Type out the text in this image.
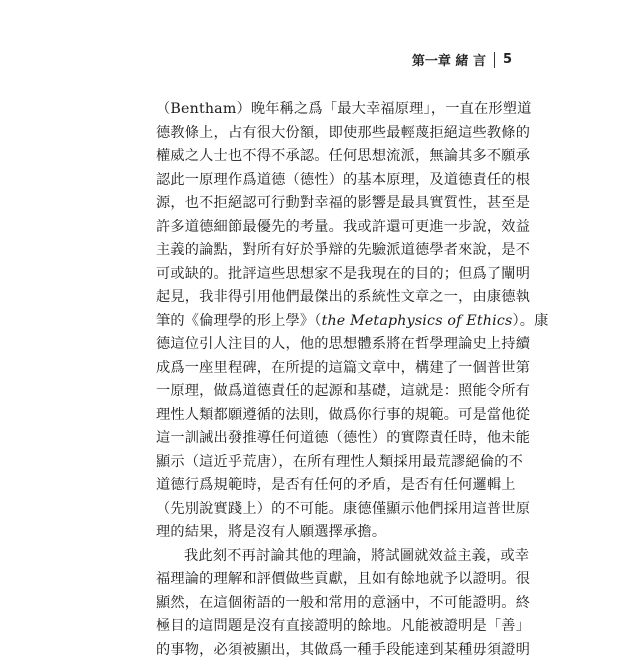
第一章 緒 言 5
（Bentham）晚年稱之爲「最大幸福原理」，一直在形塑道
德教條上，占有很大份額，即使那些最輕蔑拒絕這些教條的
權威之人士也不得不承認。任何思想流派，無論其多不願承
認此一原理作爲道德（德性）的基本原理，及道德責任的根
源，也不拒絕認可行動對幸福的影響是最具實質性，甚至是
許多道德細節最優先的考量。我或許還可更進一步說，效益
主義的論點，對所有好於爭辯的先驗派道德學者來說，是不
可或缺的。批評這些思想家不是我現在的目的；但爲了闡明
起見，我非得引用他們最傑出的系統性文章之一，由康德執
筆的《倫理學的形上學》（the Metaphysics of Ethics）。康
德這位引人注目的人，他的思想體系將在哲學理論史上持續
成爲一座里程碑，在所提的這篇文章中，構建了一個普世第
一原理，做爲道德責任的起源和基礎，這就是：照能令所有
理性人類都願遵循的法則，做爲你行事的規範。可是當他從
這一訓誡出發推導任何道德（德性）的實際責任時，他未能
顯示（這近乎荒唐），在所有理性人類採用最荒謬絕倫的不
道德行爲規範時，是否有任何的矛盾，是否有任何邏輯上
（先別說實踐上）的不可能。康德僅顯示他們採用這普世原
理的結果，將是沒有人願選擇承擔。
我此刻不再討論其他的理論，將試圖就效益主義，或幸
福理論的理解和評價做些貢獻，且如有餘地就予以證明。很
顯然，在這個術語的一般和常用的意涵中，不可能證明。終
極目的這問題是沒有直接證明的餘地。凡能被證明是「善」
的事物，必須被顯出，其做爲一種手段能達到某種毋須證明
